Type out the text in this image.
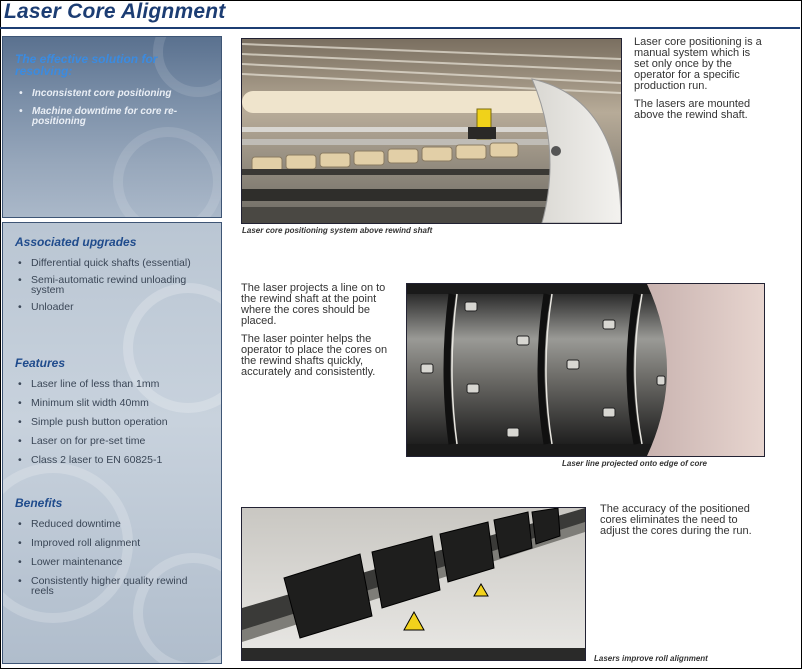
Laser Core Alignment
The effective solution for resolving:
• Inconsistent core positioning
• Machine downtime for core re-positioning
Associated upgrades
• Differential quick shafts (essential)
• Semi-automatic rewind unloading system
• Unloader
Features
• Laser line of less than 1mm
• Minimum slit width 40mm
• Simple push button operation
• Laser on for pre-set time
• Class 2 laser to EN 60825-1
Benefits
• Reduced downtime
• Improved roll alignment
• Lower maintenance
• Consistently higher quality rewind reels
Laser core positioning system above rewind shaft

Laser core positioning is a manual system which is set only once by the operator for a specific production run.

The lasers are mounted above the rewind shaft.

The laser projects a line on to the rewind shaft at the point where the cores should be placed.

The laser pointer helps the operator to place the cores on the rewind shafts quickly, accurately and consistently.

Laser line projected onto edge of core

The accuracy of the positioned cores eliminates the need to adjust the cores during the run.

Lasers improve roll alignment
